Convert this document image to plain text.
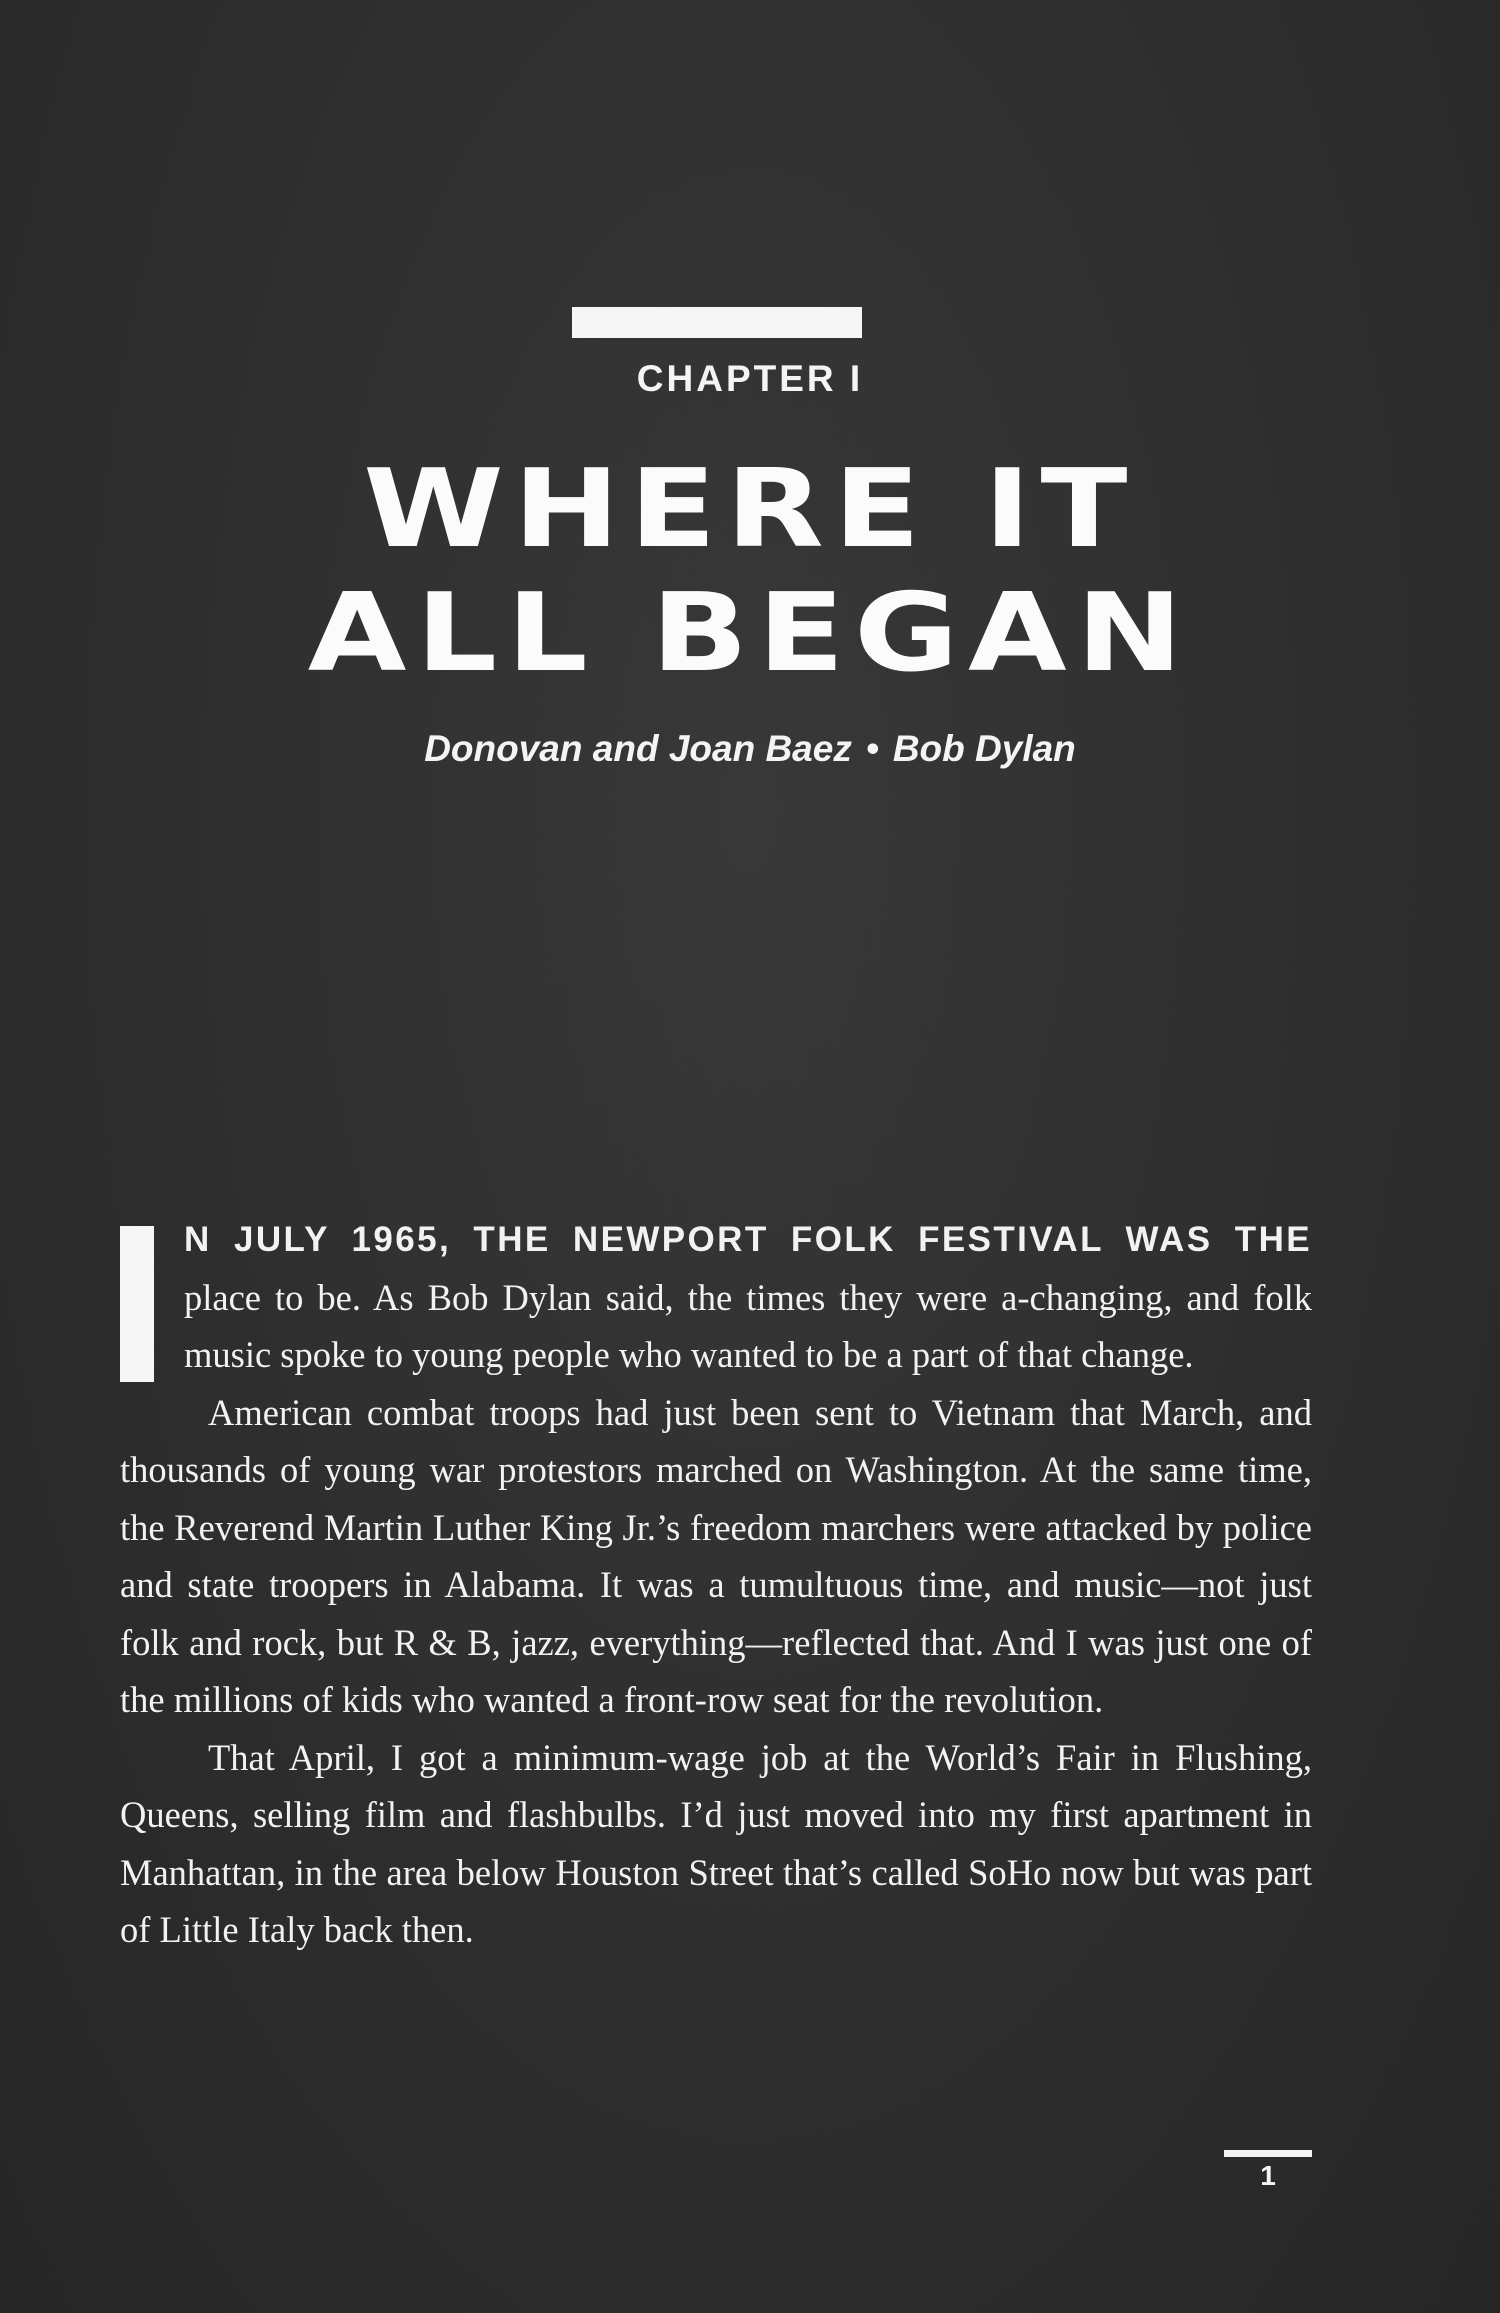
CHAPTER I
WHERE IT
ALL BEGAN
Donovan and Joan Baez • Bob Dylan

N JULY 1965, THE NEWPORT FOLK FESTIVAL WAS THE place to be. As Bob Dylan said, the times they were a-changing, and folk music spoke to young people who wanted to be a part of that change.

American combat troops had just been sent to Vietnam that March, and thousands of young war protestors marched on Washington. At the same time, the Reverend Martin Luther King Jr.’s freedom marchers were attacked by police and state troopers in Alabama. It was a tumultuous time, and music—not just folk and rock, but R & B, jazz, everything—reflected that. And I was just one of the millions of kids who wanted a front-row seat for the revolution.

That April, I got a minimum-wage job at the World’s Fair in Flushing, Queens, selling film and flashbulbs. I’d just moved into my first apartment in Manhattan, in the area below Houston Street that’s called SoHo now but was part of Little Italy back then.

1
